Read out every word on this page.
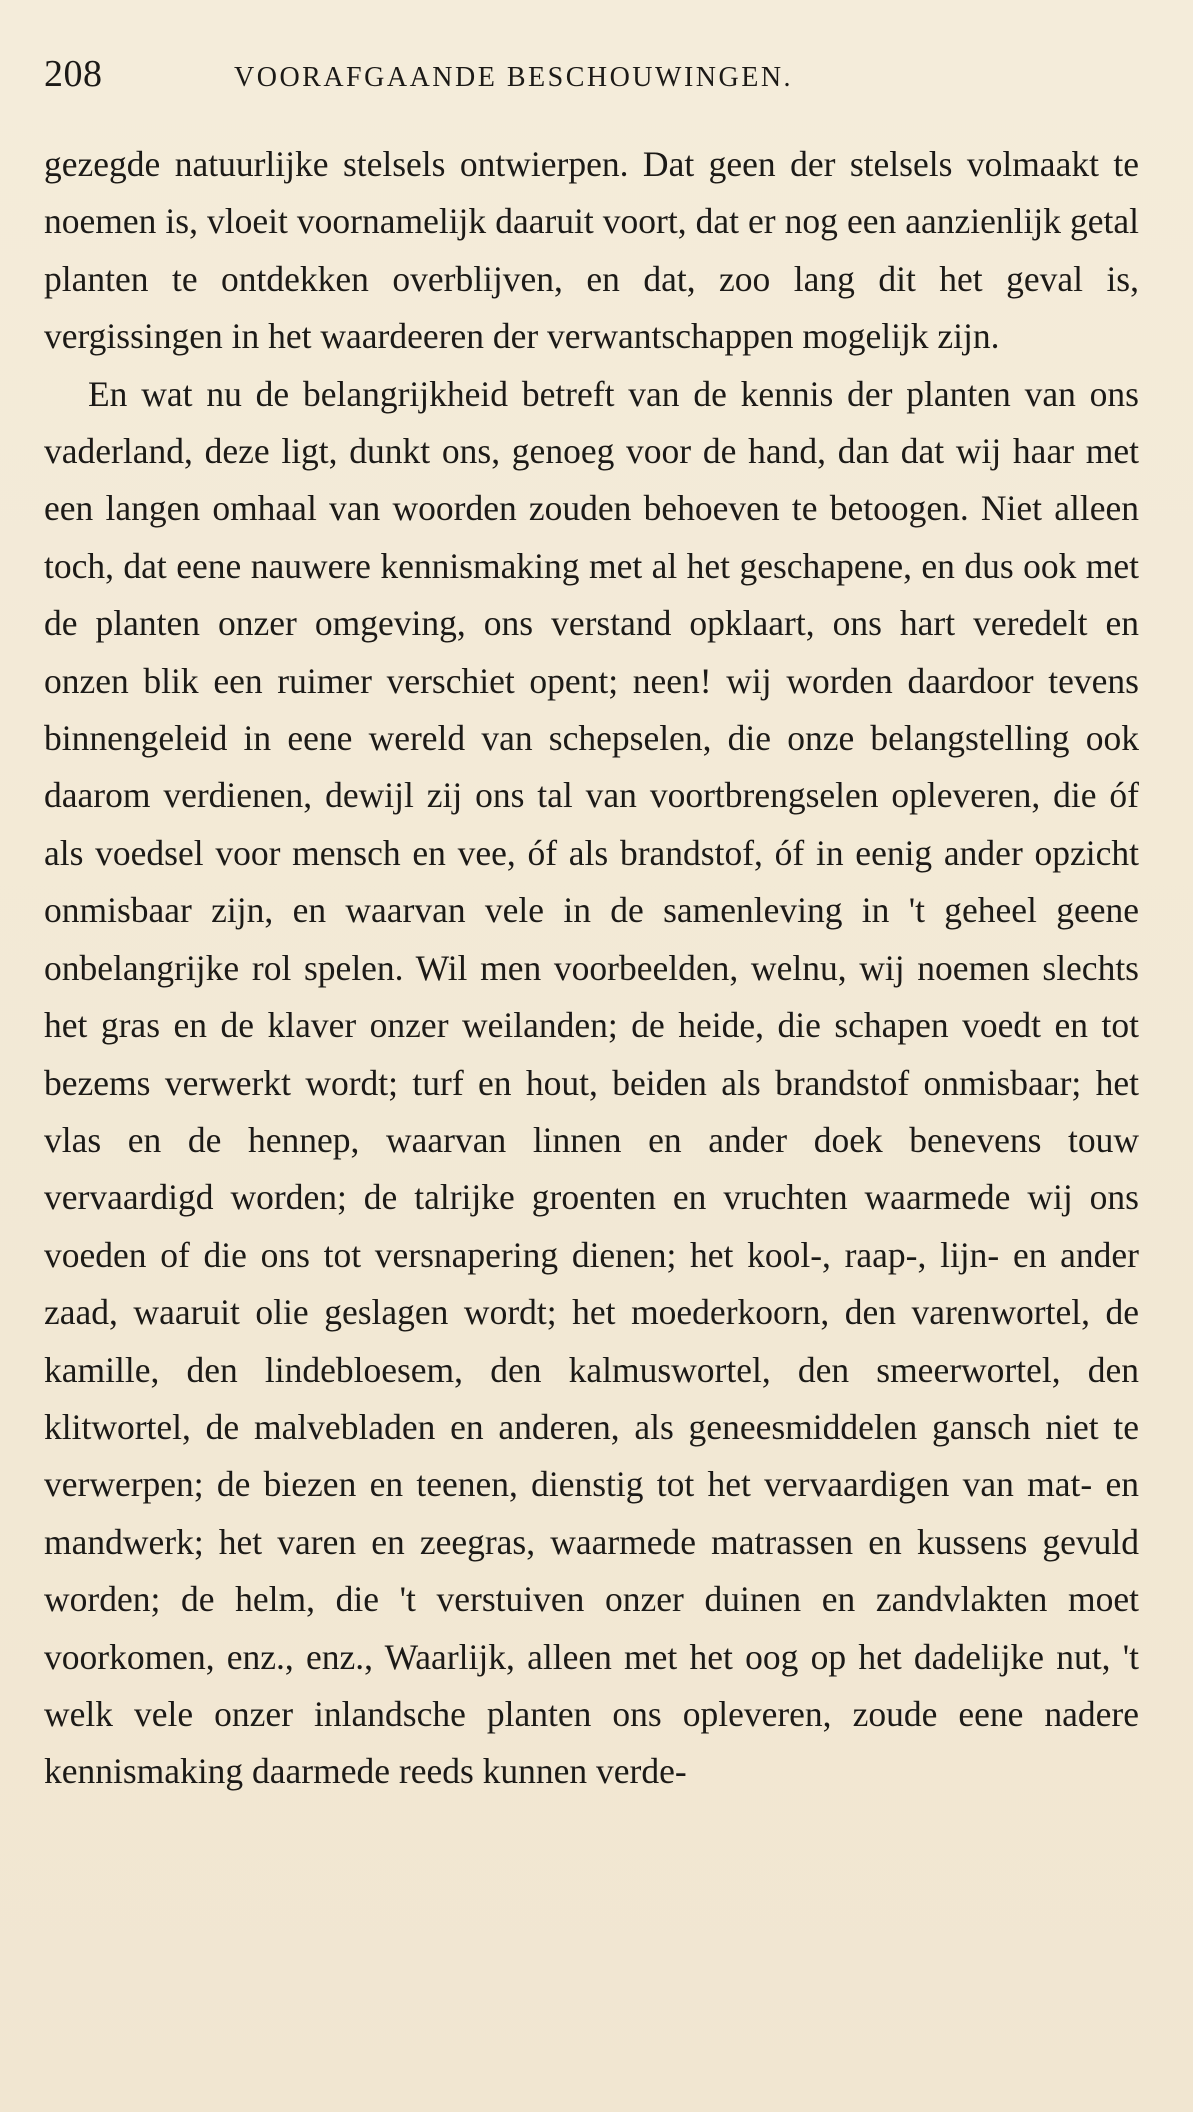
208	VOORAFGAANDE BESCHOUWINGEN.

gezegde natuurlijke stelsels ontwierpen. Dat geen der stelsels volmaakt te noemen is, vloeit voornamelijk daaruit voort, dat er nog een aanzienlijk getal planten te ontdekken overblijven, en dat, zoo lang dit het geval is, vergissingen in het waardeeren der verwantschappen mogelijk zijn.

En wat nu de belangrijkheid betreft van de kennis der planten van ons vaderland, deze ligt, dunkt ons, genoeg voor de hand, dan dat wij haar met een langen omhaal van woorden zouden behoeven te betoogen. Niet alleen toch, dat eene nauwere kennismaking met al het geschapene, en dus ook met de planten onzer omgeving, ons verstand opklaart, ons hart veredelt en onzen blik een ruimer verschiet opent; neen! wij worden daardoor tevens binnengeleid in eene wereld van schepselen, die onze belangstelling ook daarom verdienen, dewijl zij ons tal van voortbrengselen opleveren, die óf als voedsel voor mensch en vee, óf als brandstof, óf in eenig ander opzicht onmisbaar zijn, en waarvan vele in de samenleving in 't geheel geene onbelangrijke rol spelen. Wil men voorbeelden, welnu, wij noemen slechts het gras en de klaver onzer weilanden; de heide, die schapen voedt en tot bezems verwerkt wordt; turf en hout, beiden als brandstof onmisbaar; het vlas en de hennep, waarvan linnen en ander doek benevens touw vervaardigd worden; de talrijke groenten en vruchten waarmede wij ons voeden of die ons tot versnapering dienen; het kool-, raap-, lijn- en ander zaad, waaruit olie geslagen wordt; het moederkoorn, den varenwortel, de kamille, den lindebloesem, den kalmuswortel, den smeerwortel, den klitwortel, de malvebladen en anderen, als geneesmiddelen gansch niet te verwerpen; de biezen en teenen, dienstig tot het vervaardigen van mat- en mandwerk; het varen en zeegras, waarmede matrassen en kussens gevuld worden; de helm, die 't verstuiven onzer duinen en zandvlakten moet voorkomen, enz., enz., Waarlijk, alleen met het oog op het dadelijke nut, 't welk vele onzer inlandsche planten ons opleveren, zoude eene nadere kennismaking daarmede reeds kunnen verde-
